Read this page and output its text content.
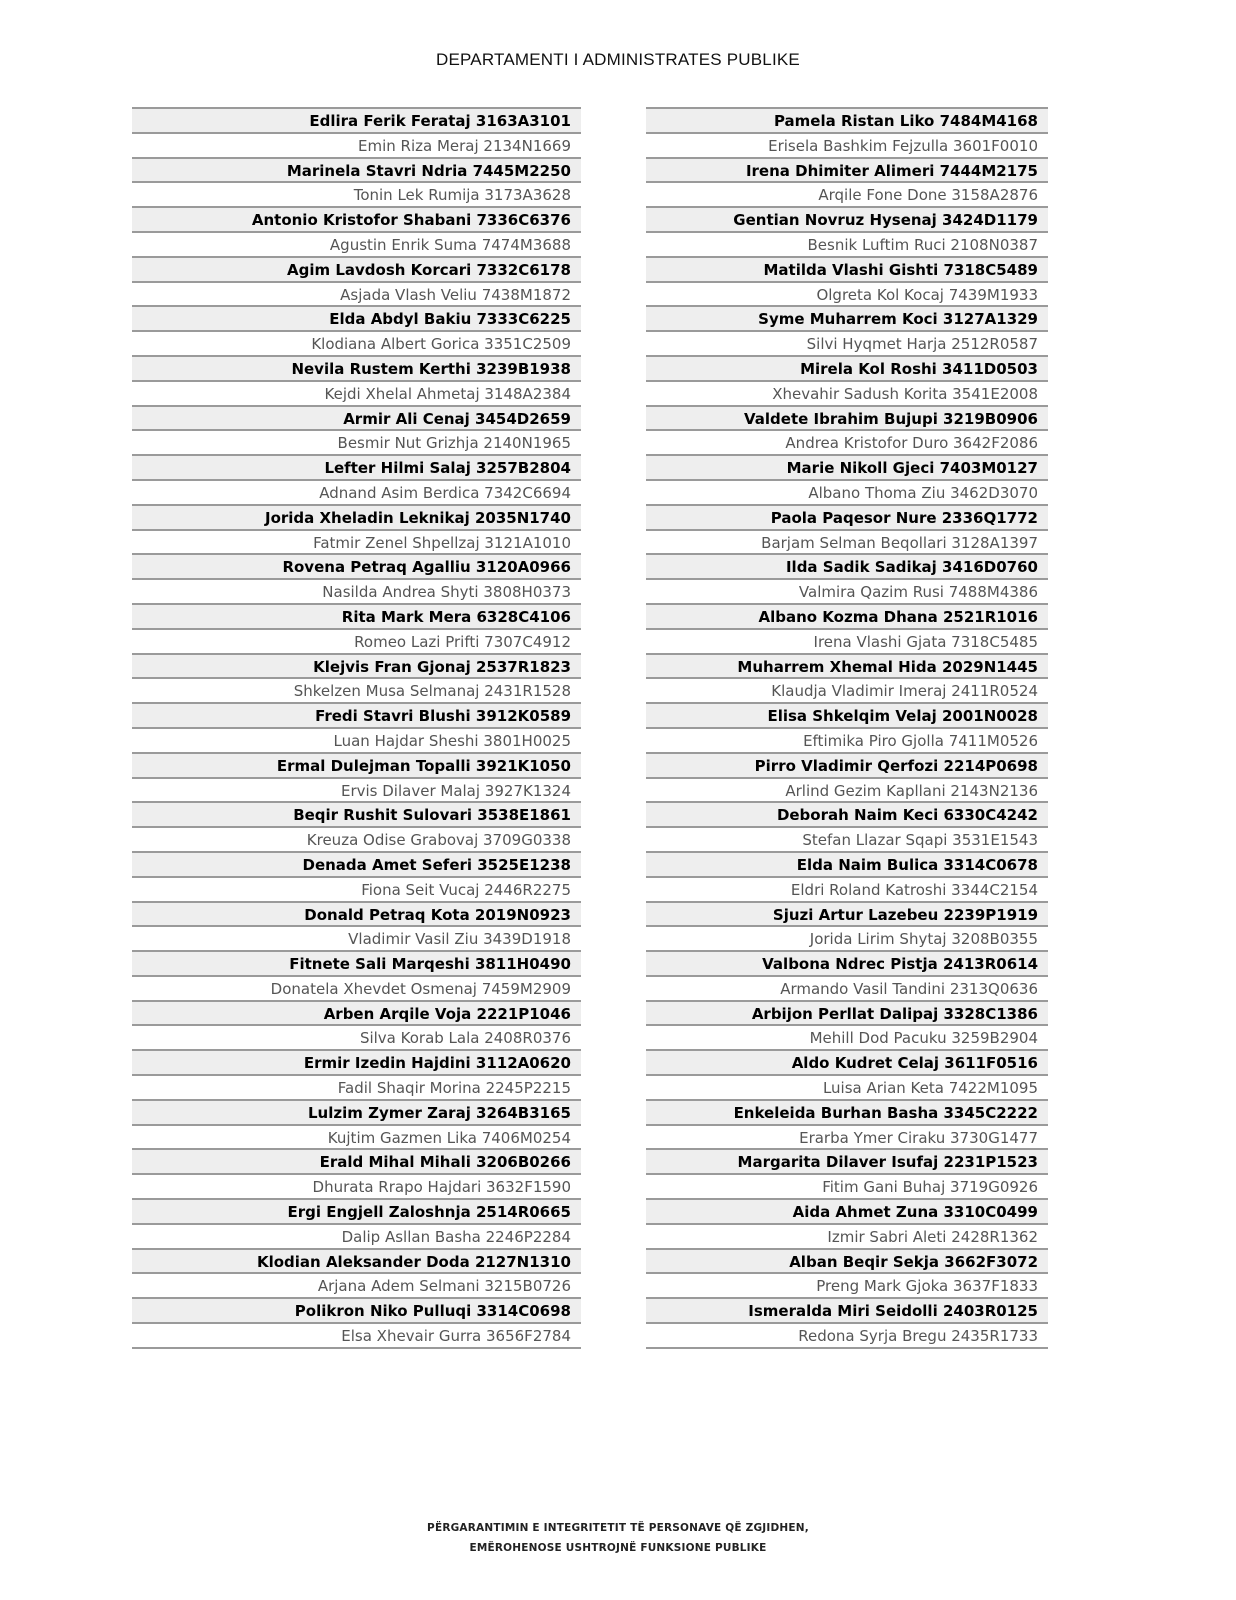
DEPARTAMENTI I ADMINISTRATES PUBLIKE
Edlira Ferik Ferataj 3163A3101
Emin Riza Meraj 2134N1669
Marinela Stavri Ndria 7445M2250
Tonin Lek Rumija 3173A3628
Antonio Kristofor Shabani 7336C6376
Agustin Enrik Suma 7474M3688
Agim Lavdosh Korcari 7332C6178
Asjada Vlash Veliu 7438M1872
Elda Abdyl Bakiu 7333C6225
Klodiana Albert Gorica 3351C2509
Nevila Rustem Kerthi 3239B1938
Kejdi Xhelal Ahmetaj 3148A2384
Armir Ali Cenaj 3454D2659
Besmir Nut Grizhja 2140N1965
Lefter Hilmi Salaj 3257B2804
Adnand Asim Berdica 7342C6694
Jorida Xheladin Leknikaj 2035N1740
Fatmir Zenel Shpellzaj 3121A1010
Rovena Petraq Agalliu 3120A0966
Nasilda Andrea Shyti 3808H0373
Rita Mark Mera 6328C4106
Romeo Lazi Prifti 7307C4912
Klejvis Fran Gjonaj 2537R1823
Shkelzen Musa Selmanaj 2431R1528
Fredi Stavri Blushi 3912K0589
Luan Hajdar Sheshi 3801H0025
Ermal Dulejman Topalli 3921K1050
Ervis Dilaver Malaj 3927K1324
Beqir Rushit Sulovari 3538E1861
Kreuza Odise Grabovaj 3709G0338
Denada Amet Seferi 3525E1238
Fiona Seit Vucaj 2446R2275
Donald Petraq Kota 2019N0923
Vladimir Vasil Ziu 3439D1918
Fitnete Sali Marqeshi 3811H0490
Donatela Xhevdet Osmenaj 7459M2909
Arben Arqile Voja 2221P1046
Silva Korab Lala 2408R0376
Ermir Izedin Hajdini 3112A0620
Fadil Shaqir Morina 2245P2215
Lulzim Zymer Zaraj 3264B3165
Kujtim Gazmen Lika 7406M0254
Erald Mihal Mihali 3206B0266
Dhurata Rrapo Hajdari 3632F1590
Ergi Engjell Zaloshnja 2514R0665
Dalip Asllan Basha 2246P2284
Klodian Aleksander Doda 2127N1310
Arjana Adem Selmani 3215B0726
Polikron Niko Pulluqi 3314C0698
Elsa Xhevair Gurra 3656F2784
Pamela Ristan Liko 7484M4168
Erisela Bashkim Fejzulla 3601F0010
Irena Dhimiter Alimeri 7444M2175
Arqile Fone Done 3158A2876
Gentian Novruz Hysenaj 3424D1179
Besnik Luftim Ruci 2108N0387
Matilda Vlashi Gishti 7318C5489
Olgreta Kol Kocaj 7439M1933
Syme Muharrem Koci 3127A1329
Silvi Hyqmet Harja 2512R0587
Mirela Kol Roshi 3411D0503
Xhevahir Sadush Korita 3541E2008
Valdete Ibrahim Bujupi 3219B0906
Andrea Kristofor Duro 3642F2086
Marie Nikoll Gjeci 7403M0127
Albano Thoma Ziu 3462D3070
Paola Paqesor Nure 2336Q1772
Barjam Selman Beqollari 3128A1397
Ilda Sadik Sadikaj 3416D0760
Valmira Qazim Rusi 7488M4386
Albano Kozma Dhana 2521R1016
Irena Vlashi Gjata 7318C5485
Muharrem Xhemal Hida 2029N1445
Klaudja Vladimir Imeraj 2411R0524
Elisa Shkelqim Velaj 2001N0028
Eftimika Piro Gjolla 7411M0526
Pirro Vladimir Qerfozi 2214P0698
Arlind Gezim Kapllani 2143N2136
Deborah Naim Keci 6330C4242
Stefan Llazar Sqapi 3531E1543
Elda Naim Bulica 3314C0678
Eldri Roland Katroshi 3344C2154
Sjuzi Artur Lazebeu 2239P1919
Jorida Lirim Shytaj 3208B0355
Valbona Ndrec Pistja 2413R0614
Armando Vasil Tandini 2313Q0636
Arbijon Perllat Dalipaj 3328C1386
Mehill Dod Pacuku 3259B2904
Aldo Kudret Celaj 3611F0516
Luisa Arian Keta 7422M1095
Enkeleida Burhan Basha 3345C2222
Erarba Ymer Ciraku 3730G1477
Margarita Dilaver Isufaj 2231P1523
Fitim Gani Buhaj 3719G0926
Aida Ahmet Zuna 3310C0499
Izmir Sabri Aleti 2428R1362
Alban Beqir Sekja 3662F3072
Preng Mark Gjoka 3637F1833
Ismeralda Miri Seidolli 2403R0125
Redona Syrja Bregu 2435R1733
PËRGARANTIMIN E INTEGRITETIT TË PERSONAVE QË ZGJIDHEN,
EMËROHENOSE USHTROJNË FUNKSIONE PUBLIKE
